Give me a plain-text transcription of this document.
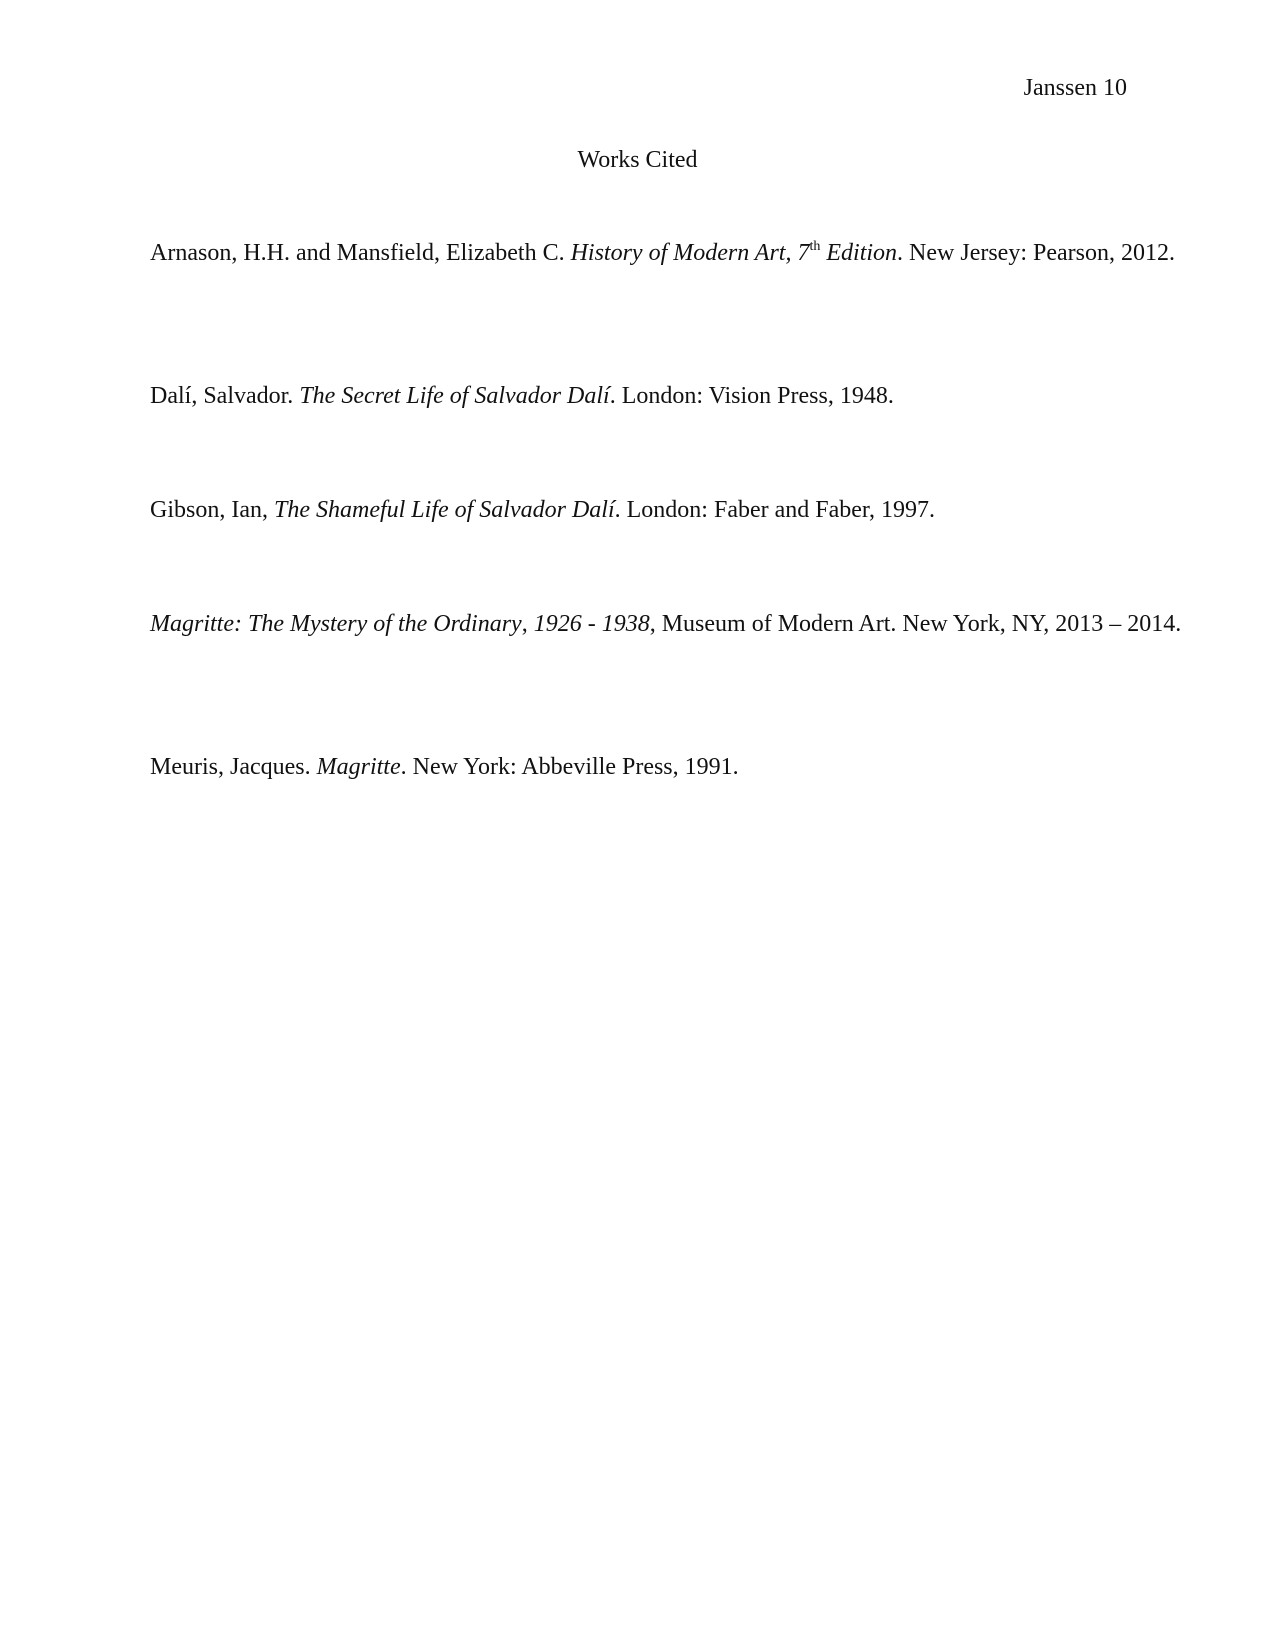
Janssen 10
Works Cited
Arnason, H.H. and Mansfield, Elizabeth C. History of Modern Art, 7th Edition. New Jersey: Pearson, 2012.
Dalí, Salvador. The Secret Life of Salvador Dalí. London: Vision Press, 1948.
Gibson, Ian, The Shameful Life of Salvador Dalí. London: Faber and Faber, 1997.
Magritte: The Mystery of the Ordinary, 1926 - 1938, Museum of Modern Art. New York, NY, 2013 – 2014.
Meuris, Jacques. Magritte. New York: Abbeville Press, 1991.
